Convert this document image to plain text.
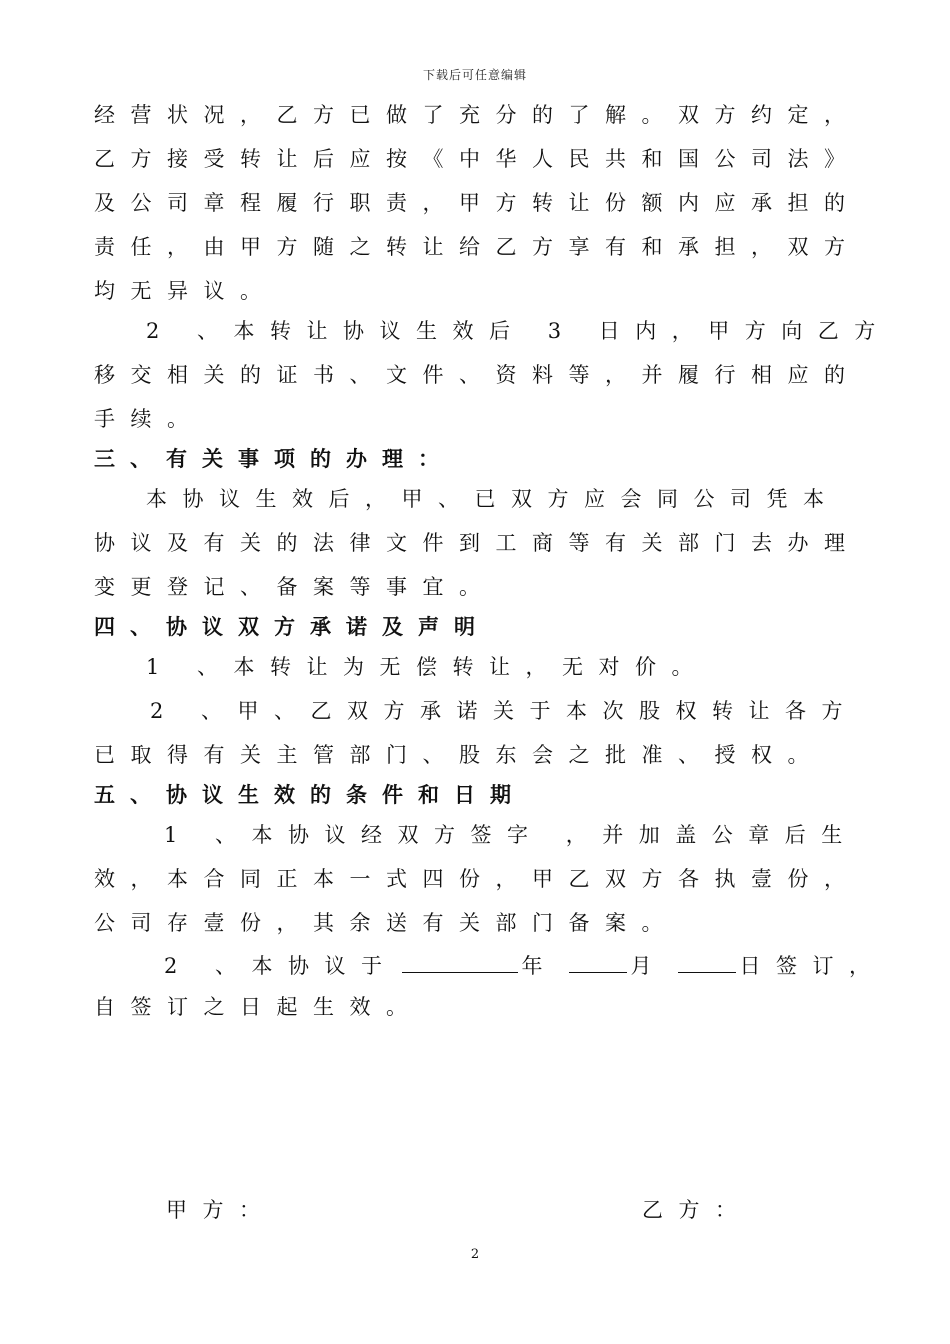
下载后可任意编辑
经营状况，乙方已做了充分的了解。双方约定，
乙方接受转让后应按《中华人民共和国公司法》
及公司章程履行职责，甲方转让份额内应承担的
责任，由甲方随之转让给乙方享有和承担，双方
均无异议。
2 、本转让协议生效后 3 日内，甲方向乙方
移交相关的证书、文件、资料等，并履行相应的
手续。
三、有关事项的办理：
本协议生效后，甲、已双方应会同公司凭本
协议及有关的法律文件到工商等有关部门去办理
变更登记、备案等事宜。
四、协议双方承诺及声明
1 、本转让为无偿转让，无对价。
2 、甲、乙双方承诺关于本次股权转让各方
已取得有关主管部门、股东会之批准、授权。
五、协议生效的条件和日期
1 、本协议经双方签字 ，并加盖公章后生
效，本合同正本一式四份，甲乙双方各执壹份，
公司存壹份，其余送有关部门备案。
2 、本协议于	年	月	日签订，
自签订之日起生效。
甲方：	乙方：
2
